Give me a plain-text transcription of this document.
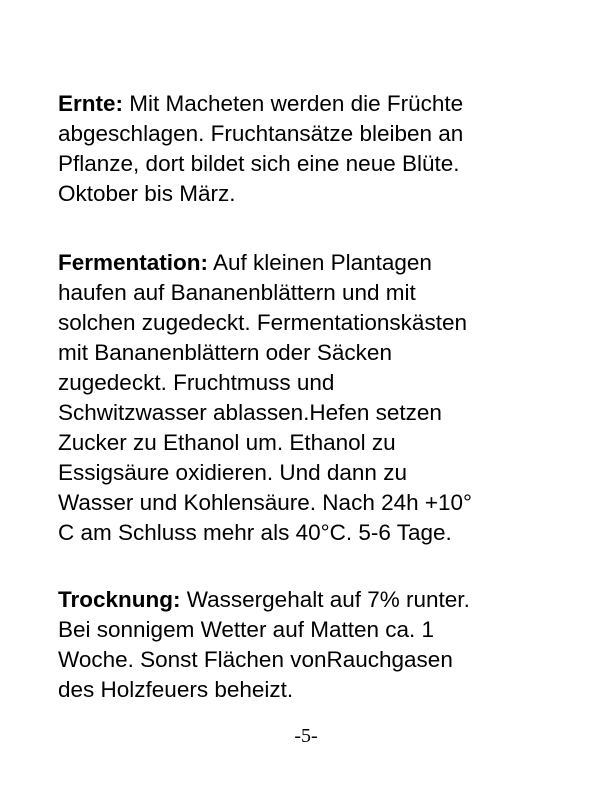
Ernte: Mit Macheten werden die Früchte
abgeschlagen. Fruchtansätze bleiben an
Pflanze, dort bildet sich eine neue Blüte.
Oktober bis März.
Fermentation: Auf kleinen Plantagen
haufen auf Bananenblättern und mit
solchen zugedeckt. Fermentationskästen
mit Bananenblättern oder Säcken
zugedeckt. Fruchtmuss und
Schwitzwasser ablassen.Hefen setzen
Zucker zu Ethanol um. Ethanol zu
Essigsäure oxidieren. Und dann zu
Wasser und Kohlensäure. Nach 24h +10°
C am Schluss mehr als 40°C. 5-6 Tage.
Trocknung: Wassergehalt auf 7% runter.
Bei sonnigem Wetter auf Matten ca. 1
Woche. Sonst Flächen vonRauchgasen
des Holzfeuers beheizt.
-5-
